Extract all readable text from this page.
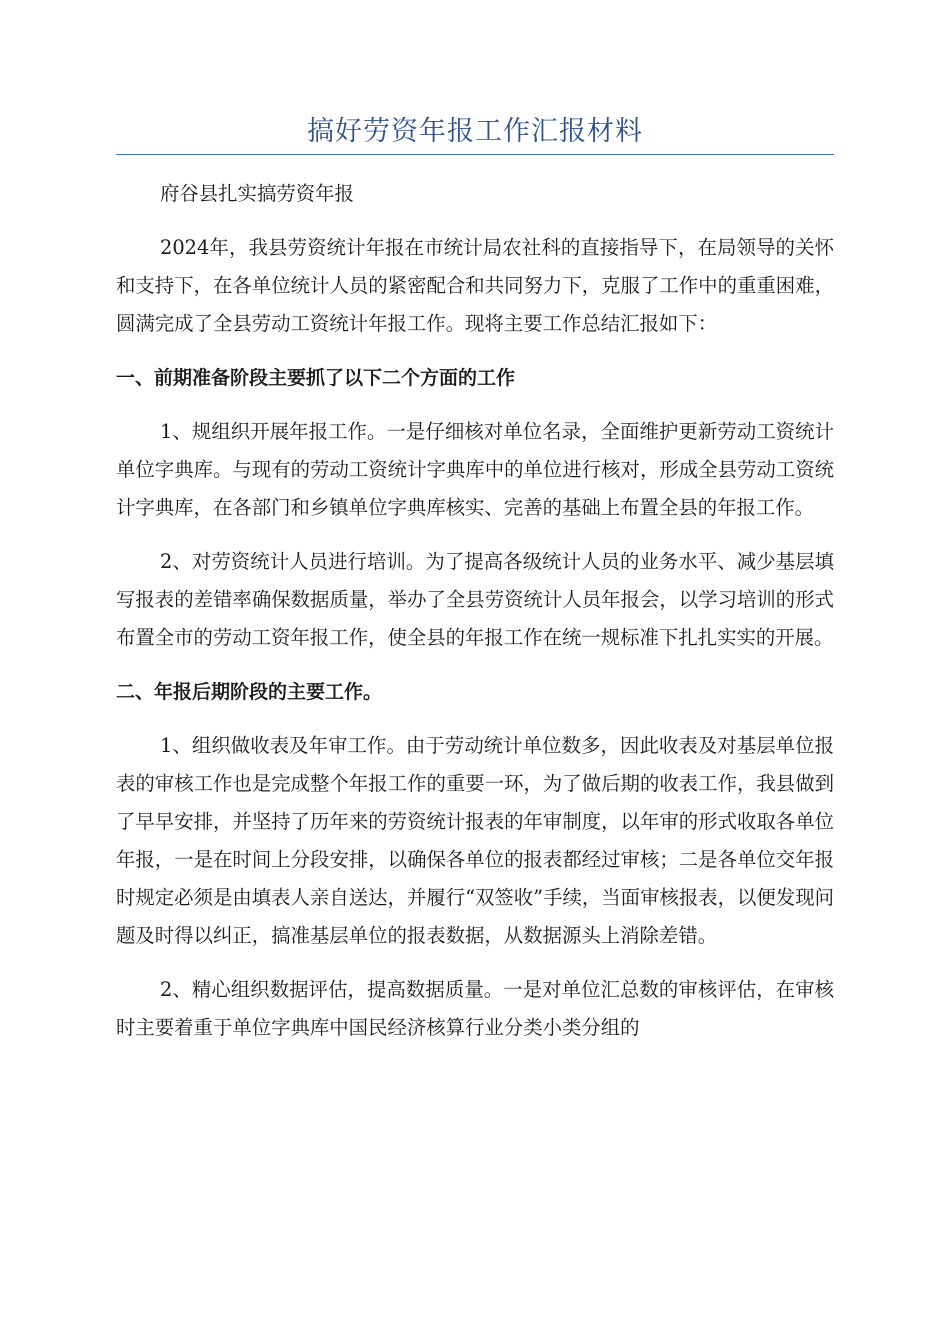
搞好劳资年报工作汇报材料

府谷县扎实搞劳资年报

2024年，我县劳资统计年报在市统计局农社科的直接指导下，在局领导的关怀和支持下，在各单位统计人员的紧密配合和共同努力下，克服了工作中的重重困难，圆满完成了全县劳动工资统计年报工作。现将主要工作总结汇报如下：

一、前期准备阶段主要抓了以下二个方面的工作

1、规组织开展年报工作。一是仔细核对单位名录，全面维护更新劳动工资统计单位字典库。与现有的劳动工资统计字典库中的单位进行核对，形成全县劳动工资统计字典库，在各部门和乡镇单位字典库核实、完善的基础上布置全县的年报工作。

2、对劳资统计人员进行培训。为了提高各级统计人员的业务水平、减少基层填写报表的差错率确保数据质量，举办了全县劳资统计人员年报会，以学习培训的形式布置全市的劳动工资年报工作，使全县的年报工作在统一规标准下扎扎实实的开展。

二、年报后期阶段的主要工作。

1、组织做收表及年审工作。由于劳动统计单位数多，因此收表及对基层单位报表的审核工作也是完成整个年报工作的重要一环，为了做后期的收表工作，我县做到了早早安排，并坚持了历年来的劳资统计报表的年审制度，以年审的形式收取各单位年报，一是在时间上分段安排，以确保各单位的报表都经过审核；二是各单位交年报时规定必须是由填表人亲自送达，并履行“双签收”手续，当面审核报表，以便发现问题及时得以纠正，搞准基层单位的报表数据，从数据源头上消除差错。

2、精心组织数据评估，提高数据质量。一是对单位汇总数的审核评估，在审核时主要着重于单位字典库中国民经济核算行业分类小类分组的
